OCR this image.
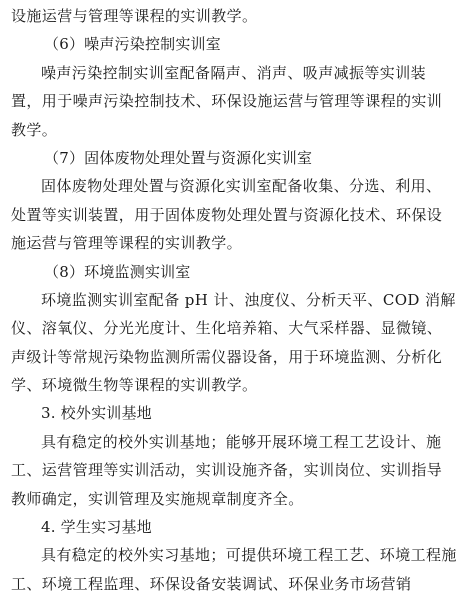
设施运营与管理等课程的实训教学。
（6）噪声污染控制实训室
噪声污染控制实训室配备隔声、消声、吸声减振等实训装
置，用于噪声污染控制技术、环保设施运营与管理等课程的实训
教学。
（7）固体废物处理处置与资源化实训室
固体废物处理处置与资源化实训室配备收集、分选、利用、
处置等实训装置，用于固体废物处理处置与资源化技术、环保设
施运营与管理等课程的实训教学。
（8）环境监测实训室
环境监测实训室配备 pH 计、浊度仪、分析天平、COD 消解
仪、溶氧仪、分光光度计、生化培养箱、大气采样器、显微镜、
声级计等常规污染物监测所需仪器设备，用于环境监测、分析化
学、环境微生物等课程的实训教学。
3. 校外实训基地
具有稳定的校外实训基地；能够开展环境工程工艺设计、施
工、运营管理等实训活动，实训设施齐备，实训岗位、实训指导
教师确定，实训管理及实施规章制度齐全。
4. 学生实习基地
具有稳定的校外实习基地；可提供环境工程工艺、环境工程施
工、环境工程监理、环保设备安装调试、环保业务市场营销
